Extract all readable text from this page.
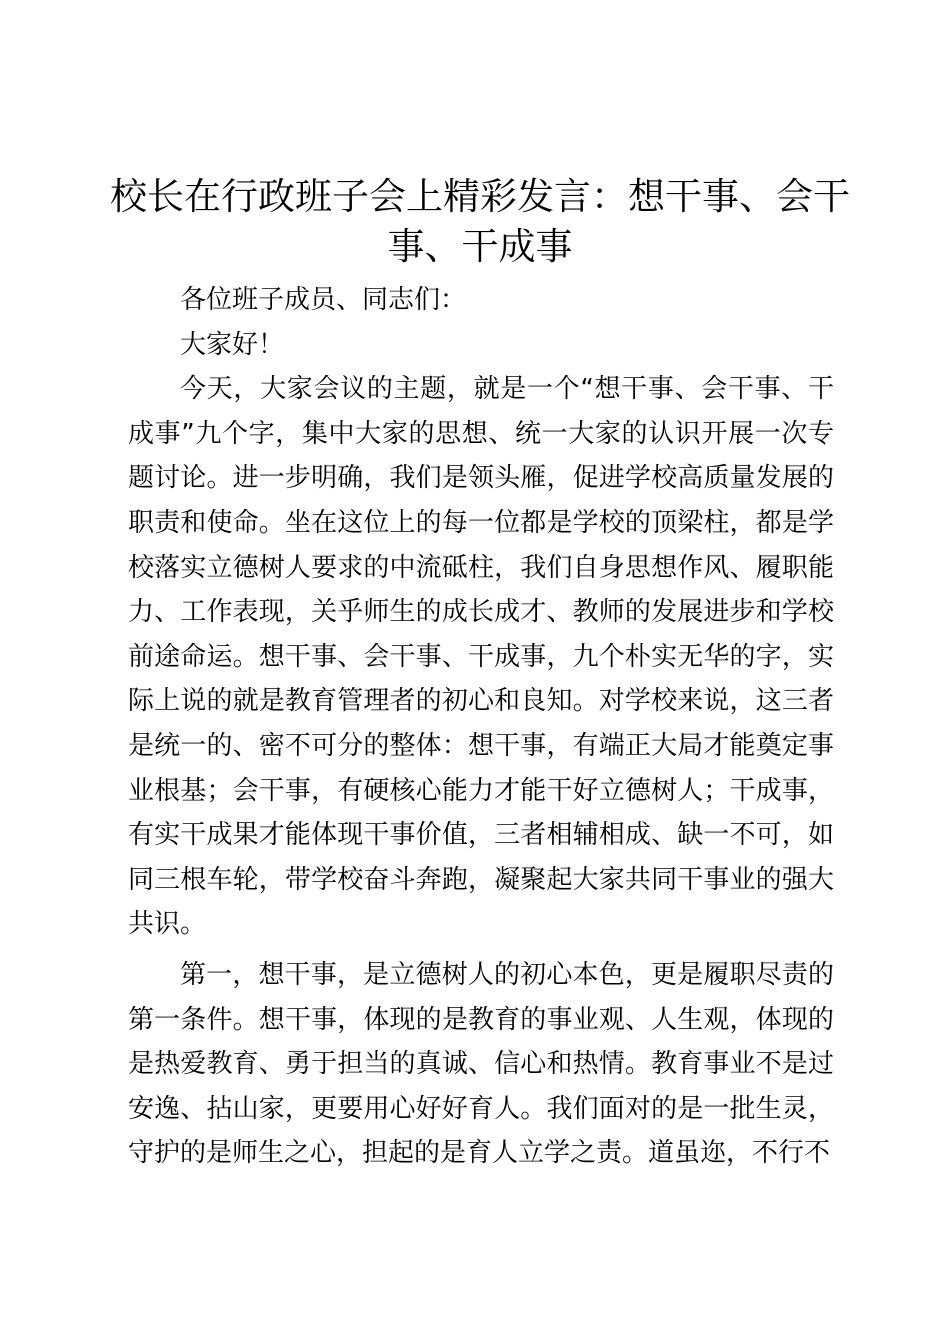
校长在行政班子会上精彩发言：想干事、会干事、干成事

各位班子成员、同志们：

大家好！

今天，大家会议的主题，就是一个“想干事、会干事、干成事”九个字，集中大家的思想、统一大家的认识开展一次专题讨论。进一步明确，我们是领头雁，促进学校高质量发展的职责和使命。坐在这位上的每一位都是学校的顶梁柱，都是学校落实立德树人要求的中流砥柱，我们自身思想作风、履职能力、工作表现，关乎师生的成长成才、教师的发展进步和学校前途命运。想干事、会干事、干成事，九个朴实无华的字，实际上说的就是教育管理者的初心和良知。对学校来说，这三者是统一的、密不可分的整体：想干事，有端正大局才能奠定事业根基；会干事，有硬核心能力才能干好立德树人；干成事，有实干成果才能体现干事价值，三者相辅相成、缺一不可，如同三根车轮，带学校奋斗奔跑，凝聚起大家共同干事业的强大共识。

第一，想干事，是立德树人的初心本色，更是履职尽责的第一条件。想干事，体现的是教育的事业观、人生观，体现的是热爱教育、勇于担当的真诚、信心和热情。教育事业不是过安逸、拈山家，更要用心好好育人。我们面对的是一批生灵，守护的是师生之心，担起的是育人立学之责。道虽迩，不行不
